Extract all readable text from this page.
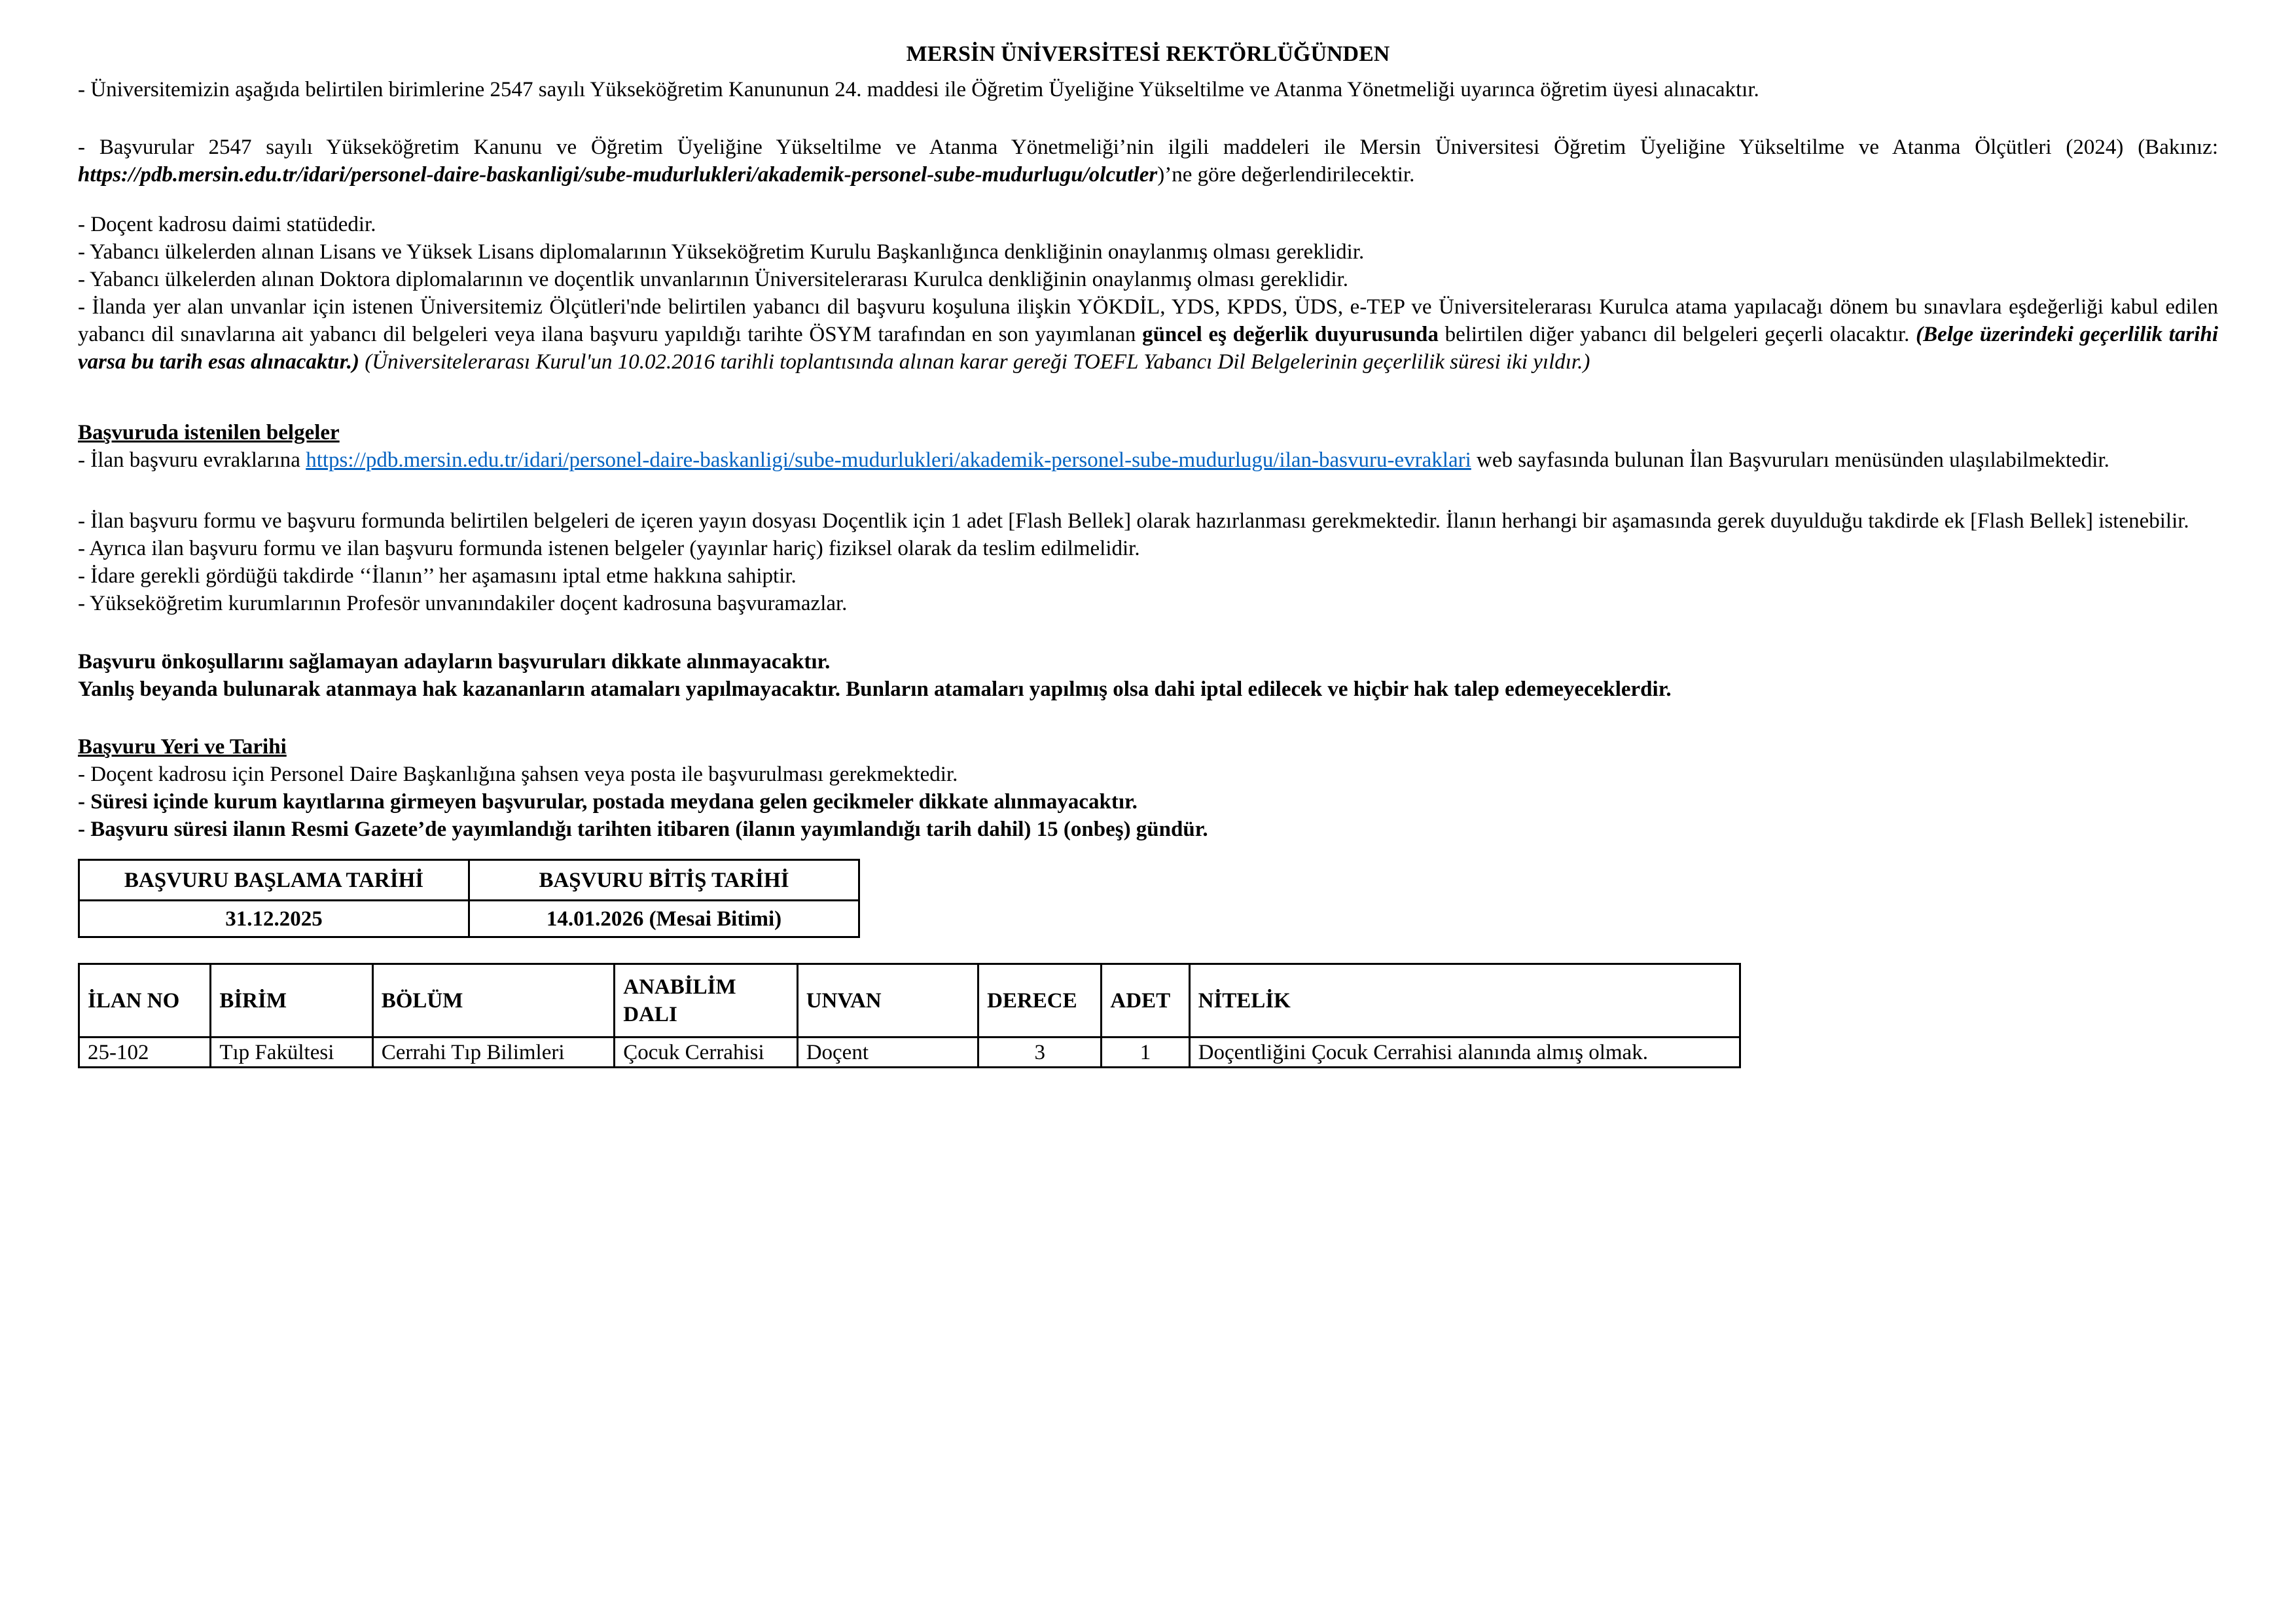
MERSİN ÜNİVERSİTESİ REKTÖRLÜĞÜNDEN

- Üniversitemizin aşağıda belirtilen birimlerine 2547 sayılı Yükseköğretim Kanununun 24. maddesi ile Öğretim Üyeliğine Yükseltilme ve Atanma Yönetmeliği uyarınca öğretim üyesi alınacaktır.

- Başvurular 2547 sayılı Yükseköğretim Kanunu ve Öğretim Üyeliğine Yükseltilme ve Atanma Yönetmeliği’nin ilgili maddeleri ile Mersin Üniversitesi Öğretim Üyeliğine Yükseltilme ve Atanma Ölçütleri (2024) (Bakınız: https://pdb.mersin.edu.tr/idari/personel-daire-baskanligi/sube-mudurlukleri/akademik-personel-sube-mudurlugu/olcutler)’ne göre değerlendirilecektir.

- Doçent kadrosu daimi statüdedir.

- Yabancı ülkelerden alınan Lisans ve Yüksek Lisans diplomalarının Yükseköğretim Kurulu Başkanlığınca denkliğinin onaylanmış olması gereklidir.

- Yabancı ülkelerden alınan Doktora diplomalarının ve doçentlik unvanlarının Üniversitelerarası Kurulca denkliğinin onaylanmış olması gereklidir.

- İlanda yer alan unvanlar için istenen Üniversitemiz Ölçütleri'nde belirtilen yabancı dil başvuru koşuluna ilişkin YÖKDİL, YDS, KPDS, ÜDS, e-TEP ve Üniversitelerarası Kurulca atama yapılacağı dönem bu sınavlara eşdeğerliği kabul edilen yabancı dil sınavlarına ait yabancı dil belgeleri veya ilana başvuru yapıldığı tarihte ÖSYM tarafından en son yayımlanan güncel eş değerlik duyurusunda belirtilen diğer yabancı dil belgeleri geçerli olacaktır. (Belge üzerindeki geçerlilik tarihi varsa bu tarih esas alınacaktır.) (Üniversitelerarası Kurul'un 10.02.2016 tarihli toplantısında alınan karar gereği TOEFL Yabancı Dil Belgelerinin geçerlilik süresi iki yıldır.)

Başvuruda istenilen belgeler

- İlan başvuru evraklarına https://pdb.mersin.edu.tr/idari/personel-daire-baskanligi/sube-mudurlukleri/akademik-personel-sube-mudurlugu/ilan-basvuru-evraklari web sayfasında bulunan İlan Başvuruları menüsünden ulaşılabilmektedir.

- İlan başvuru formu ve başvuru formunda belirtilen belgeleri de içeren yayın dosyası Doçentlik için 1 adet [Flash Bellek] olarak hazırlanması gerekmektedir. İlanın herhangi bir aşamasında gerek duyulduğu takdirde ek [Flash Bellek] istenebilir.

- Ayrıca ilan başvuru formu ve ilan başvuru formunda istenen belgeler (yayınlar hariç) fiziksel olarak da teslim edilmelidir.

- İdare gerekli gördüğü takdirde ‘‘İlanın’’ her aşamasını iptal etme hakkına sahiptir.

- Yükseköğretim kurumlarının Profesör unvanındakiler doçent kadrosuna başvuramazlar.

Başvuru önkoşullarını sağlamayan adayların başvuruları dikkate alınmayacaktır.

Yanlış beyanda bulunarak atanmaya hak kazananların atamaları yapılmayacaktır. Bunların atamaları yapılmış olsa dahi iptal edilecek ve hiçbir hak talep edemeyeceklerdir.

Başvuru Yeri ve Tarihi

- Doçent kadrosu için Personel Daire Başkanlığına şahsen veya posta ile başvurulması gerekmektedir.

- Süresi içinde kurum kayıtlarına girmeyen başvurular, postada meydana gelen gecikmeler dikkate alınmayacaktır.

- Başvuru süresi ilanın Resmi Gazete’de yayımlandığı tarihten itibaren (ilanın yayımlandığı tarih dahil) 15 (onbeş) gündür.

BAŞVURU BAŞLAMA TARİHİ	BAŞVURU BİTİŞ TARİHİ
31.12.2025	14.01.2026 (Mesai Bitimi)
İLAN NO	BİRİM	BÖLÜM	ANABİLİM DALI	UNVAN	DERECE	ADET	NİTELİK
25-102	Tıp Fakültesi	Cerrahi Tıp Bilimleri	Çocuk Cerrahisi	Doçent	3	1	Doçentliğini Çocuk Cerrahisi alanında almış olmak.
